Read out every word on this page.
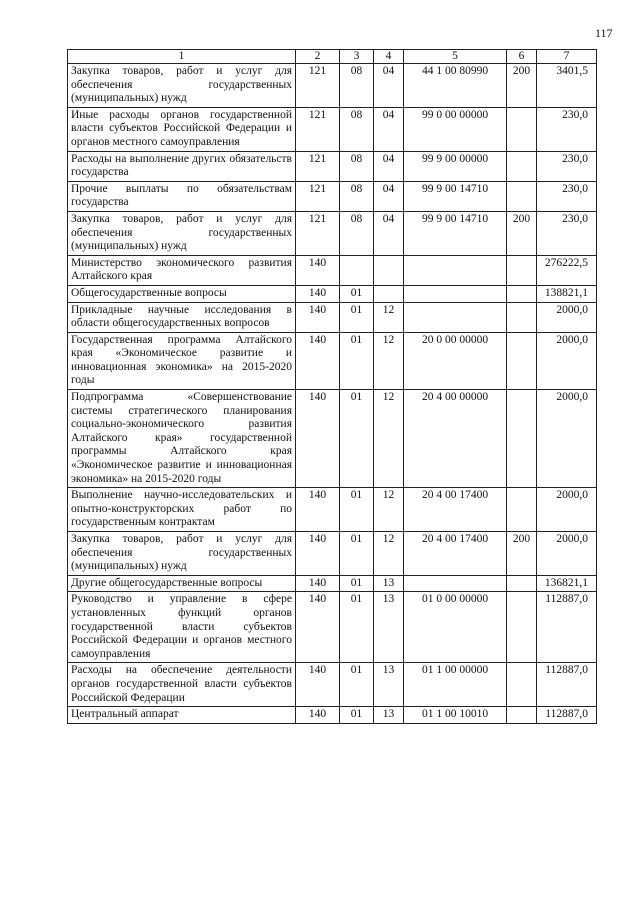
117
1	2	3	4	5	6	7
Закупка товаров, работ и услуг для обеспечения государственных (муниципальных) нужд	121	08	04	44 1 00 80990	200	3401,5
Иные расходы органов государственной власти субъектов Российской Федерации и органов местного самоуправления	121	08	04	99 0 00 00000		230,0
Расходы на выполнение других обязательств государства	121	08	04	99 9 00 00000		230,0
Прочие выплаты по обязательствам государства	121	08	04	99 9 00 14710		230,0
Закупка товаров, работ и услуг для обеспечения государственных (муниципальных) нужд	121	08	04	99 9 00 14710	200	230,0
Министерство экономического развития Алтайского края	140					276222,5
Общегосударственные вопросы	140	01				138821,1
Прикладные научные исследования в области общегосударственных вопросов	140	01	12			2000,0
Государственная программа Алтайского края «Экономическое развитие и инновационная экономика» на 2015-2020 годы	140	01	12	20 0 00 00000		2000,0
Подпрограмма «Совершенствование системы стратегического планирования социально-экономического развития Алтайского края» государственной программы Алтайского края «Экономическое развитие и инновационная экономика» на 2015-2020 годы	140	01	12	20 4 00 00000		2000,0
Выполнение научно-исследовательских и опытно-конструкторских работ по государственным контрактам	140	01	12	20 4 00 17400		2000,0
Закупка товаров, работ и услуг для обеспечения государственных (муниципальных) нужд	140	01	12	20 4 00 17400	200	2000,0
Другие общегосударственные вопросы	140	01	13			136821,1
Руководство и управление в сфере установленных функций органов государственной власти субъектов Российской Федерации и органов местного самоуправления	140	01	13	01 0 00 00000		112887,0
Расходы на обеспечение деятельности органов государственной власти субъектов Российской Федерации	140	01	13	01 1 00 00000		112887,0
Центральный аппарат	140	01	13	01 1 00 10010		112887,0
